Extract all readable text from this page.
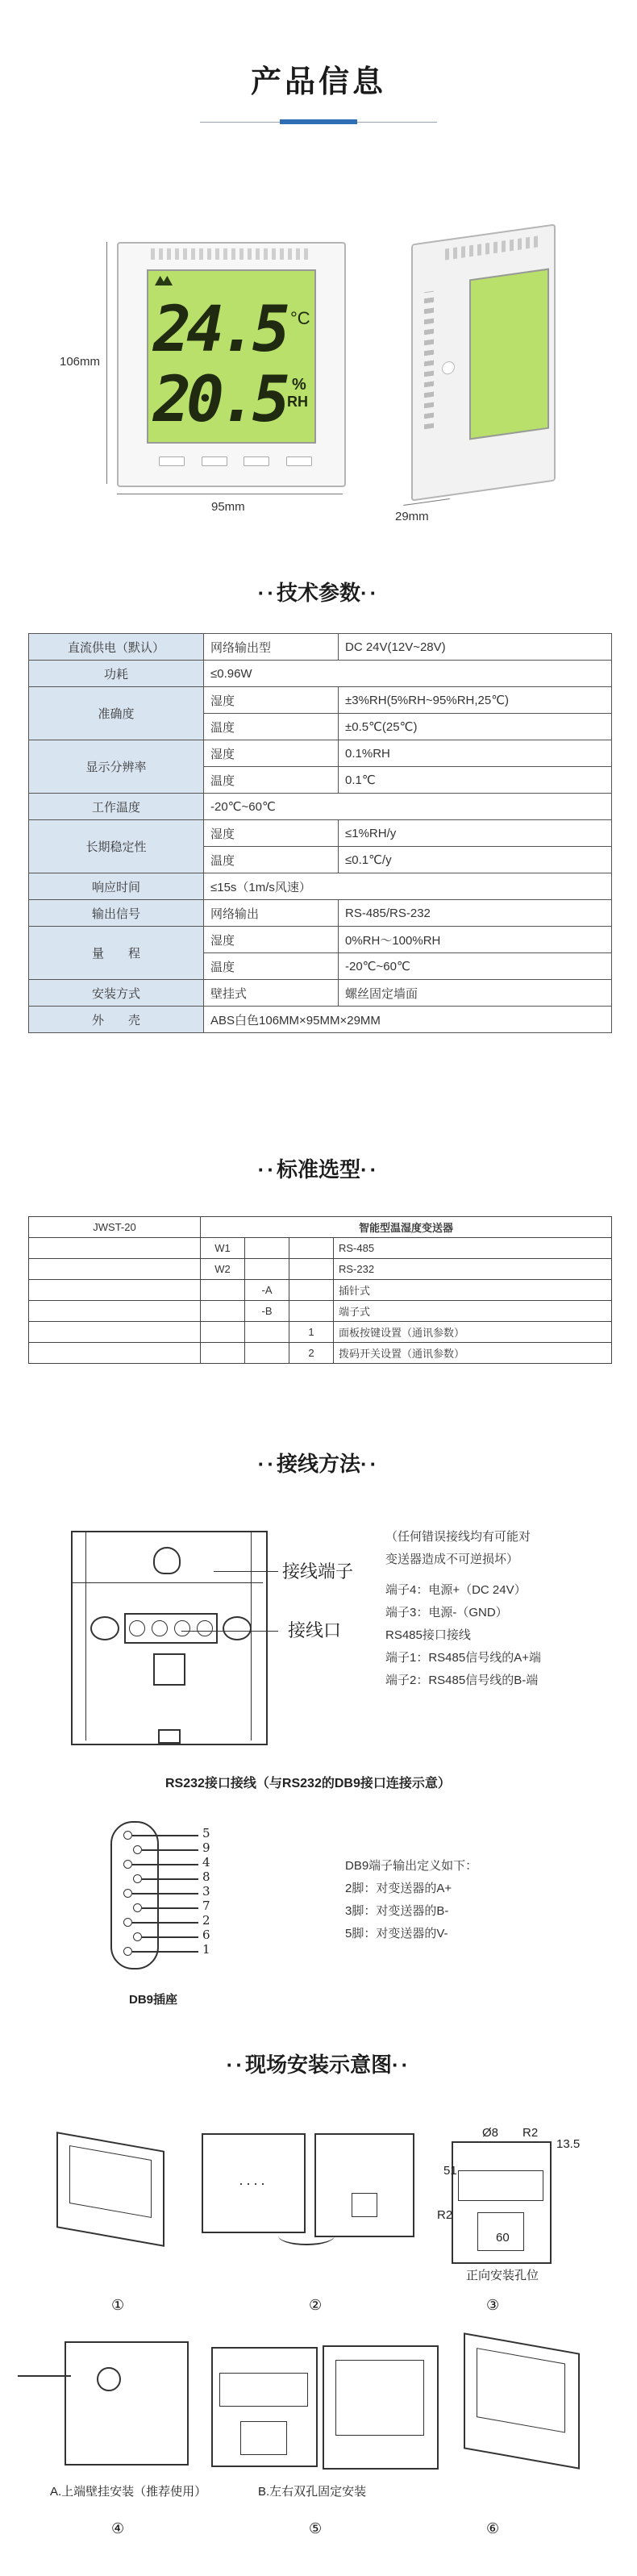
产品信息
24.5 °C
20.5 %
RH
106mm
95mm
29mm
··技术参数··
直流供电（默认）	网络输出型	DC 24V(12V~28V)
功耗	≤0.96W	
准确度	湿度	±3%RH(5%RH~95%RH,25℃)
	温度	±0.5℃(25℃)
显示分辨率	湿度	0.1%RH
	温度	0.1℃
工作温度	-20℃~60℃	
长期稳定性	湿度	≤1%RH/y
	温度	≤0.1℃/y
响应时间	≤15s（1m/s风速）	
输出信号	网络输出	RS-485/RS-232
量　　程	湿度	0%RH～100%RH
	温度	-20℃~60℃
安装方式	壁挂式	螺丝固定墙面
外　　壳	ABS白色106MM×95MM×29MM	
··标准选型··
JWST-20	智能型温湿度变送器			
	W1			RS-485
	W2			RS-232
		-A		插针式
		-B		端子式
			1	面板按键设置（通讯参数）
			2	拨码开关设置（通讯参数）
··接线方法··
接线端子
接线口
（任何错误接线均有可能对
变送器造成不可逆损坏）
端子4：电源+（DC 24V）
端子3：电源-（GND）
RS485接口接线
端子1：RS485信号线的A+端
端子2：RS485信号线的B-端
RS232接口接线（与RS232的DB9接口连接示意）
5
9
4
8
3
7
2
6
1
DB9插座
DB9端子输出定义如下：
2脚：对变送器的A+
3脚：对变送器的B-
5脚：对变送器的V-
··现场安装示意图··
①
····
②
Ø8 R2
13.5
51
R2
60
正向安装孔位
③
A.上端壁挂安装（推荐使用）
④
B.左右双孔固定安装
⑤	⑥
